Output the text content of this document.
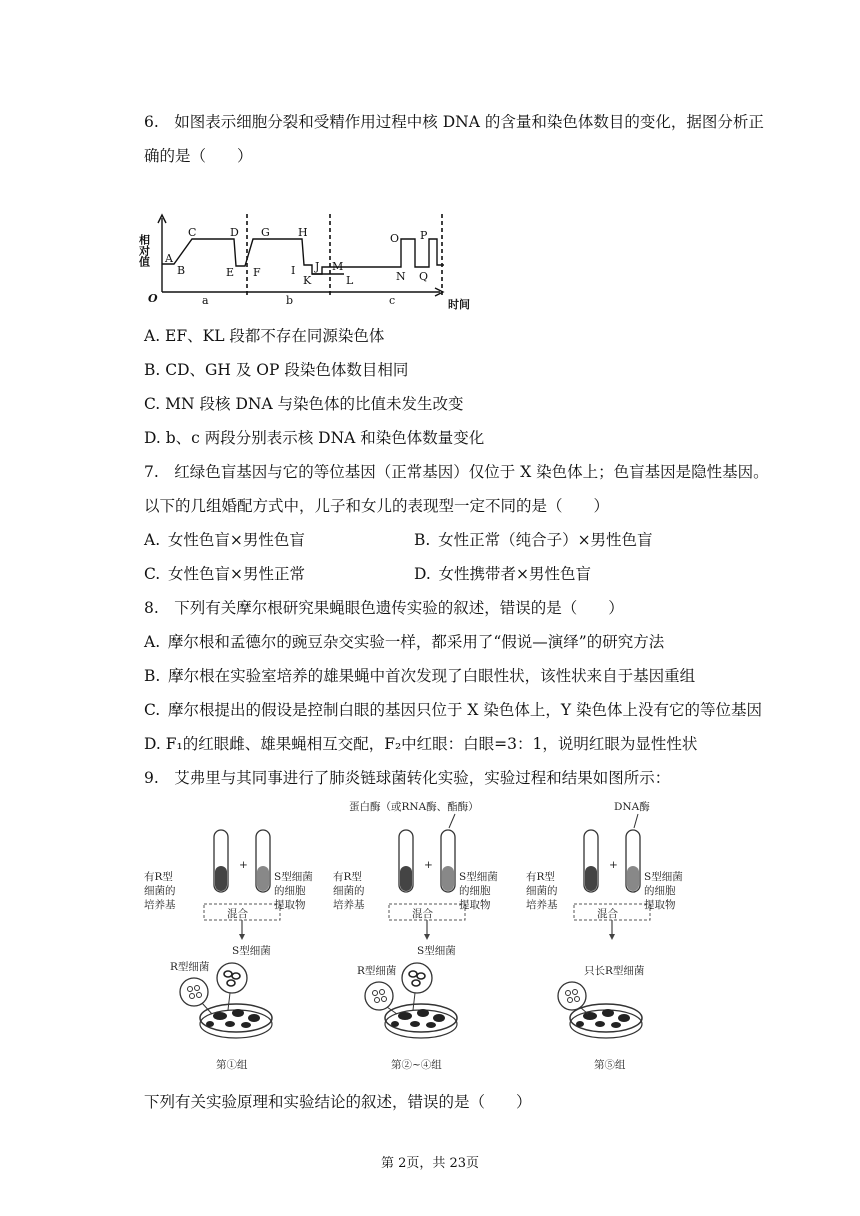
6.　如图表示细胞分裂和受精作用过程中核 DNA 的含量和染色体数目的变化，据图分析正
确的是（　　）
相对值
O	时间
A
B
C	D
E F
G	H
I J
K
M
L
O P
N Q
a	b	c
A. EF、KL 段都不存在同源染色体
B. CD、GH 及 OP 段染色体数目相同
C. MN 段核 DNA 与染色体的比值未发生改变
D. b、c 两段分别表示核 DNA 和染色体数量变化
7.　红绿色盲基因与它的等位基因（正常基因）仅位于 X 染色体上；色盲基因是隐性基因。
以下的几组婚配方式中，儿子和女儿的表现型一定不同的是（　　）
A. 女性色盲×男性色盲	B. 女性正常（纯合子）×男性色盲
C. 女性色盲×男性正常	D. 女性携带者×男性色盲
8.　下列有关摩尔根研究果蝇眼色遗传实验的叙述，错误的是（　　）
A. 摩尔根和孟德尔的豌豆杂交实验一样，都采用了“假说—演绎”的研究方法
B. 摩尔根在实验室培养的雄果蝇中首次发现了白眼性状，该性状来自于基因重组
C. 摩尔根提出的假设是控制白眼的基因只位于 X 染色体上，Y 染色体上没有它的等位基因
D. F₁的红眼雌、雄果蝇相互交配，F₂中红眼：白眼=3：1，说明红眼为显性性状
9.　艾弗里与其同事进行了肺炎链球菌转化实验，实验过程和结果如图所示：
有R型
细菌的
培养基
+
S型细菌
的细胞
提取物
混合
S型细菌
R型细菌
第①组
蛋白酶（或RNA酶、酯酶）
有R型
细菌的
培养基
+
S型细菌
的细胞
提取物
混合
S型细菌
R型细菌
第②~④组
DNA酶
有R型
细菌的
培养基
+
S型细菌
的细胞
提取物
混合
只长R型细菌
第⑤组
下列有关实验原理和实验结论的叙述，错误的是（　　）
第 2页，共 23页
